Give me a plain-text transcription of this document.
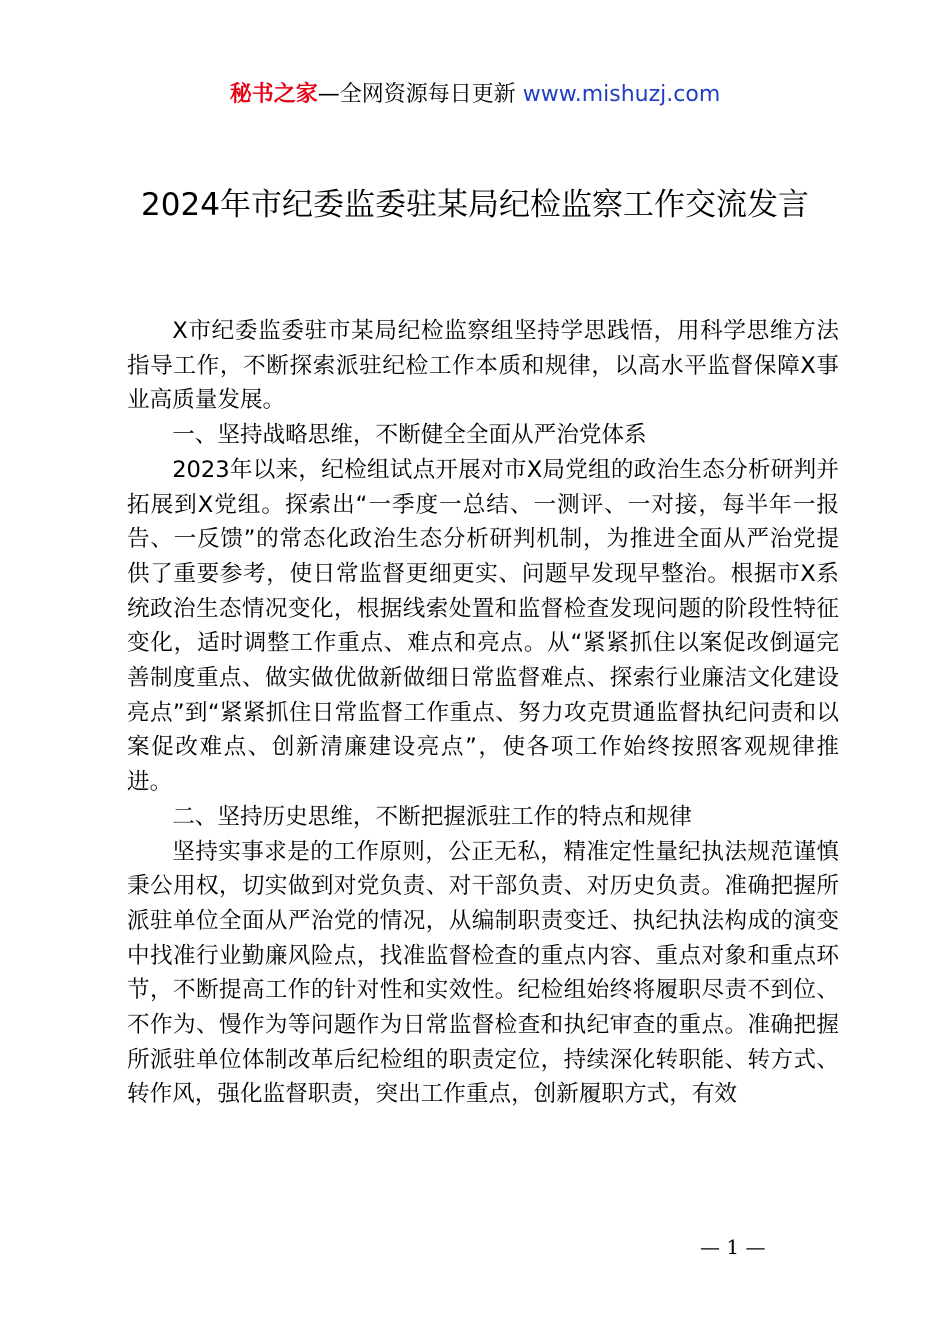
秘书之家—全网资源每日更新 www.mishuzj.com
2024年市纪委监委驻某局纪检监察工作交流发言

X市纪委监委驻市某局纪检监察组坚持学思践悟，用科学思维方法指导工作，不断探索派驻纪检工作本质和规律，以高水平监督保障X事业高质量发展。

一、坚持战略思维，不断健全全面从严治党体系

2023年以来，纪检组试点开展对市X局党组的政治生态分析研判并拓展到X党组。探索出“一季度一总结、一测评、一对接，每半年一报告、一反馈”的常态化政治生态分析研判机制，为推进全面从严治党提供了重要参考，使日常监督更细更实、问题早发现早整治。根据市X系统政治生态情况变化，根据线索处置和监督检查发现问题的阶段性特征变化，适时调整工作重点、难点和亮点。从“紧紧抓住以案促改倒逼完善制度重点、做实做优做新做细日常监督难点、探索行业廉洁文化建设亮点”到“紧紧抓住日常监督工作重点、努力攻克贯通监督执纪问责和以案促改难点、创新清廉建设亮点”，使各项工作始终按照客观规律推进。

二、坚持历史思维，不断把握派驻工作的特点和规律

坚持实事求是的工作原则，公正无私，精准定性量纪执法规范谨慎秉公用权，切实做到对党负责、对干部负责、对历史负责。准确把握所派驻单位全面从严治党的情况，从编制职责变迁、执纪执法构成的演变中找准行业勤廉风险点，找准监督检查的重点内容、重点对象和重点环节，不断提高工作的针对性和实效性。纪检组始终将履职尽责不到位、不作为、慢作为等问题作为日常监督检查和执纪审查的重点。准确把握所派驻单位体制改革后纪检组的职责定位，持续深化转职能、转方式、转作风，强化监督职责，突出工作重点，创新履职方式，有效

— 1 —
